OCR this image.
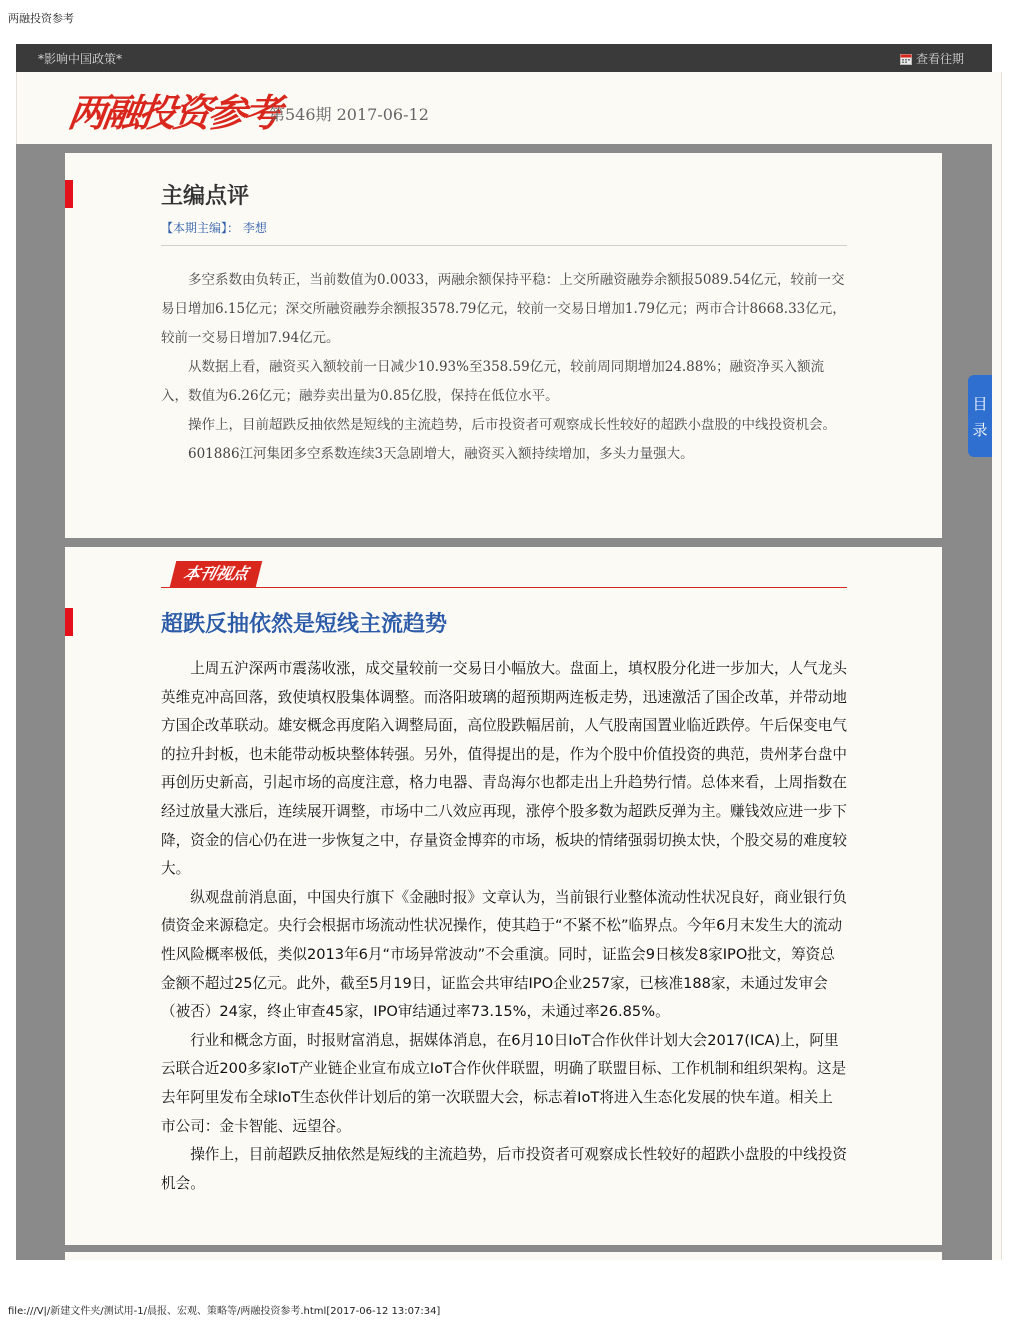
两融投资参考
*影响中国政策*	查看往期
两融投资参考
第546期 2017-06-12
主编点评
【本期主编】： 李想

多空系数由负转正，当前数值为0.0033，两融余额保持平稳：上交所融资融券余额报5089.54亿元，较前一交易日增加6.15亿元；深交所融资融券余额报3578.79亿元，较前一交易日增加1.79亿元；两市合计8668.33亿元，较前一交易日增加7.94亿元。

从数据上看，融资买入额较前一日减少10.93%至358.59亿元，较前周同期增加24.88%；融资净买入额流入，数值为6.26亿元；融券卖出量为0.85亿股，保持在低位水平。

操作上，目前超跌反抽依然是短线的主流趋势，后市投资者可观察成长性较好的超跌小盘股的中线投资机会。

601886江河集团多空系数连续3天急剧增大，融资买入额持续增加，多头力量强大。

本刊视点
超跌反抽依然是短线主流趋势

上周五沪深两市震荡收涨，成交量较前一交易日小幅放大。盘面上，填权股分化进一步加大，人气龙头英维克冲高回落，致使填权股集体调整。而洛阳玻璃的超预期两连板走势，迅速激活了国企改革，并带动地方国企改革联动。雄安概念再度陷入调整局面，高位股跌幅居前，人气股南国置业临近跌停。午后保变电气的拉升封板，也未能带动板块整体转强。另外，值得提出的是，作为个股中价值投资的典范，贵州茅台盘中再创历史新高，引起市场的高度注意，格力电器、青岛海尔也都走出上升趋势行情。总体来看，上周指数在经过放量大涨后，连续展开调整，市场中二八效应再现，涨停个股多数为超跌反弹为主。赚钱效应进一步下降，资金的信心仍在进一步恢复之中，存量资金博弈的市场，板块的情绪强弱切换太快，个股交易的难度较大。

纵观盘前消息面，中国央行旗下《金融时报》文章认为，当前银行业整体流动性状况良好，商业银行负债资金来源稳定。央行会根据市场流动性状况操作，使其趋于“不紧不松”临界点。今年6月末发生大的流动性风险概率极低，类似2013年6月“市场异常波动”不会重演。同时，证监会9日核发8家IPO批文，筹资总金额不超过25亿元。此外，截至5月19日，证监会共审结IPO企业257家，已核准188家，未通过发审会（被否）24家，终止审查45家，IPO审结通过率73.15%，未通过率26.85%。

行业和概念方面，时报财富消息，据媒体消息，在6月10日IoT合作伙伴计划大会2017(ICA)上，阿里云联合近200多家IoT产业链企业宣布成立IoT合作伙伴联盟，明确了联盟目标、工作机制和组织架构。这是去年阿里发布全球IoT生态伙伴计划后的第一次联盟大会，标志着IoT将进入生态化发展的快车道。相关上市公司：金卡智能、远望谷。

操作上，目前超跌反抽依然是短线的主流趋势，后市投资者可观察成长性较好的超跌小盘股的中线投资机会。

目
录
file:///V|/新建文件夹/测试用-1/晨报、宏观、策略等/两融投资参考.html[2017-06-12 13:07:34]
